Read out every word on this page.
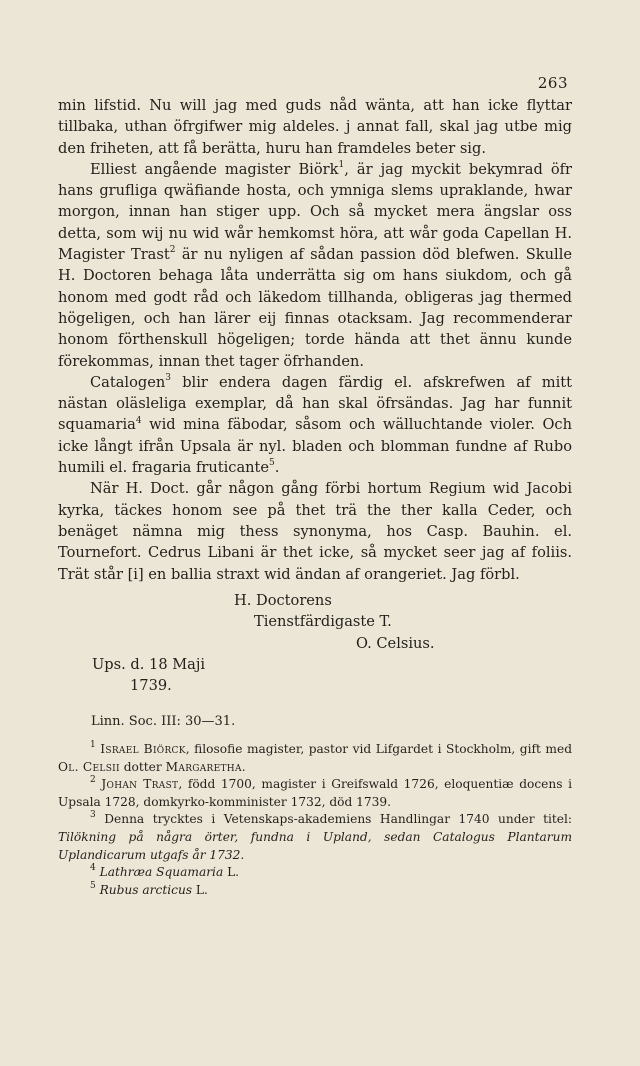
263

min lifstid. Nu will jag med guds nåd wänta, att han icke flyttar tillbaka, uthan öfrgifwer mig aldeles. j annat fall, skal jag utbe mig den friheten, att få berätta, huru han framdeles beter sig.

Elliest angående magister Biörk$^1$, är jag myckit bekymrad öfr hans grufliga qwäfiande hosta, och ymniga slems upraklande, hwar morgon, innan han stiger upp. Och så mycket mera ängslar oss detta, som wij nu wid wår hemkomst höra, att wår goda Capellan H. Magister Trast$^2$ är nu nyligen af sådan passion död blefwen. Skulle H. Doctoren behaga låta underrätta sig om hans siukdom, och gå honom med godt råd och läkedom tillhanda, obligeras jag thermed högeligen, och han lärer eij finnas otacksam. Jag recommenderar honom förthenskull högeligen; torde hända att thet ännu kunde förekommas, innan thet tager öfrhanden.

Catalogen$^3$ blir endera dagen färdig el. afskrefwen af mitt nästan oläsleliga exemplar, då han skal öfrsändas. Jag har funnit squamaria$^4$ wid mina fäbodar, såsom och wälluchtande violer. Och icke långt ifrån Upsala är nyl. bladen och blomman fundne af Rubo humili el. fragaria fruticante$^5$.

När H. Doct. går någon gång förbi hortum Regium wid Jacobi kyrka, täckes honom see på thet trä the ther kalla Ceder, och benäget nämna mig thess synonyma, hos Casp. Bauhin. el. Tournefort. Cedrus Libani är thet icke, så mycket seer jag af foliis. Trät står [i] en ballia straxt wid ändan af orangeriet. Jag förbl.

H. Doctorens
Tienstfärdigaste T.
O. Celsius.
Ups. d. 18 Maji
1739.
Linn. Soc. III: 30—31.

$^1$ Israel Biörck, filosofie magister, pastor vid Lifgardet i Stockholm, gift med Ol. Celsii dotter Margaretha.

$^2$ Johan Trast, född 1700, magister i Greifswald 1726, eloquentiæ docens i Upsala 1728, domkyrko-komminister 1732, död 1739.

$^3$ Denna trycktes i Vetenskaps-akademiens Handlingar 1740 under titel: Tilökning på några örter, fundna i Upland, sedan Catalogus Plantarum Uplandicarum utgafs år 1732.

$^4$ Lathræa Squamaria L.

$^5$ Rubus arcticus L.
